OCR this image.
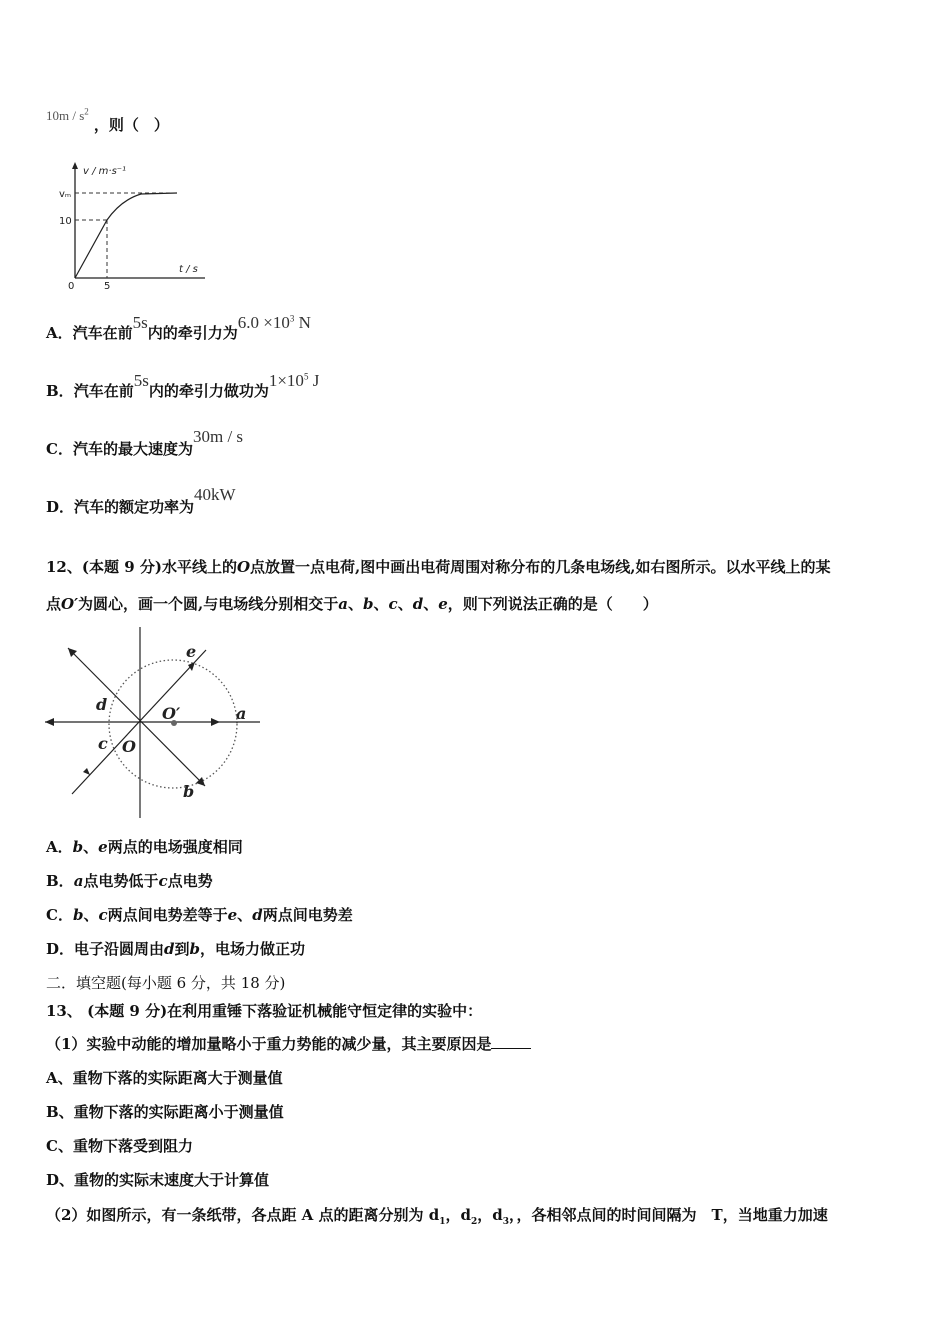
$10m / s^2$ ，则（　）
v / m·s⁻¹
t / s
vₘ
10
0	5
A．汽车在前5s内的牵引力为$6.0 \times 10^3$ N
B．汽车在前5s内的牵引力做功为$1\times 10^5$ J
C．汽车的最大速度为30m / s
D．汽车的额定功率为40kW
12、(本题 9 分)水平线上的O点放置一点电荷,图中画出电荷周围对称分布的几条电场线,如右图所示。以水平线上的某
点O′为圆心，画一个圆,与电场线分别相交于a、b、c、d、e，则下列说法正确的是（　　）
a
b
c
d
e
O
O′
A．b、e两点的电场强度相同
B．a点电势低于c点电势
C．b、c两点间电势差等于e、d两点间电势差
D．电子沿圆周由d到b，电场力做正功
二．填空题(每小题 6 分，共 18 分)
13、 (本题 9 分)在利用重锤下落验证机械能守恒定律的实验中：
（1）实验中动能的增加量略小于重力势能的减少量，其主要原因是
A、重物下落的实际距离大于测量值
B、重物下落的实际距离小于测量值
C、重物下落受到阻力
D、重物的实际末速度大于计算值
（2）如图所示，有一条纸带，各点距 A 点的距离分别为 $d_1$，$d_2$，$d_3$，，各相邻点间的时间间隔为　T，当地重力加速
